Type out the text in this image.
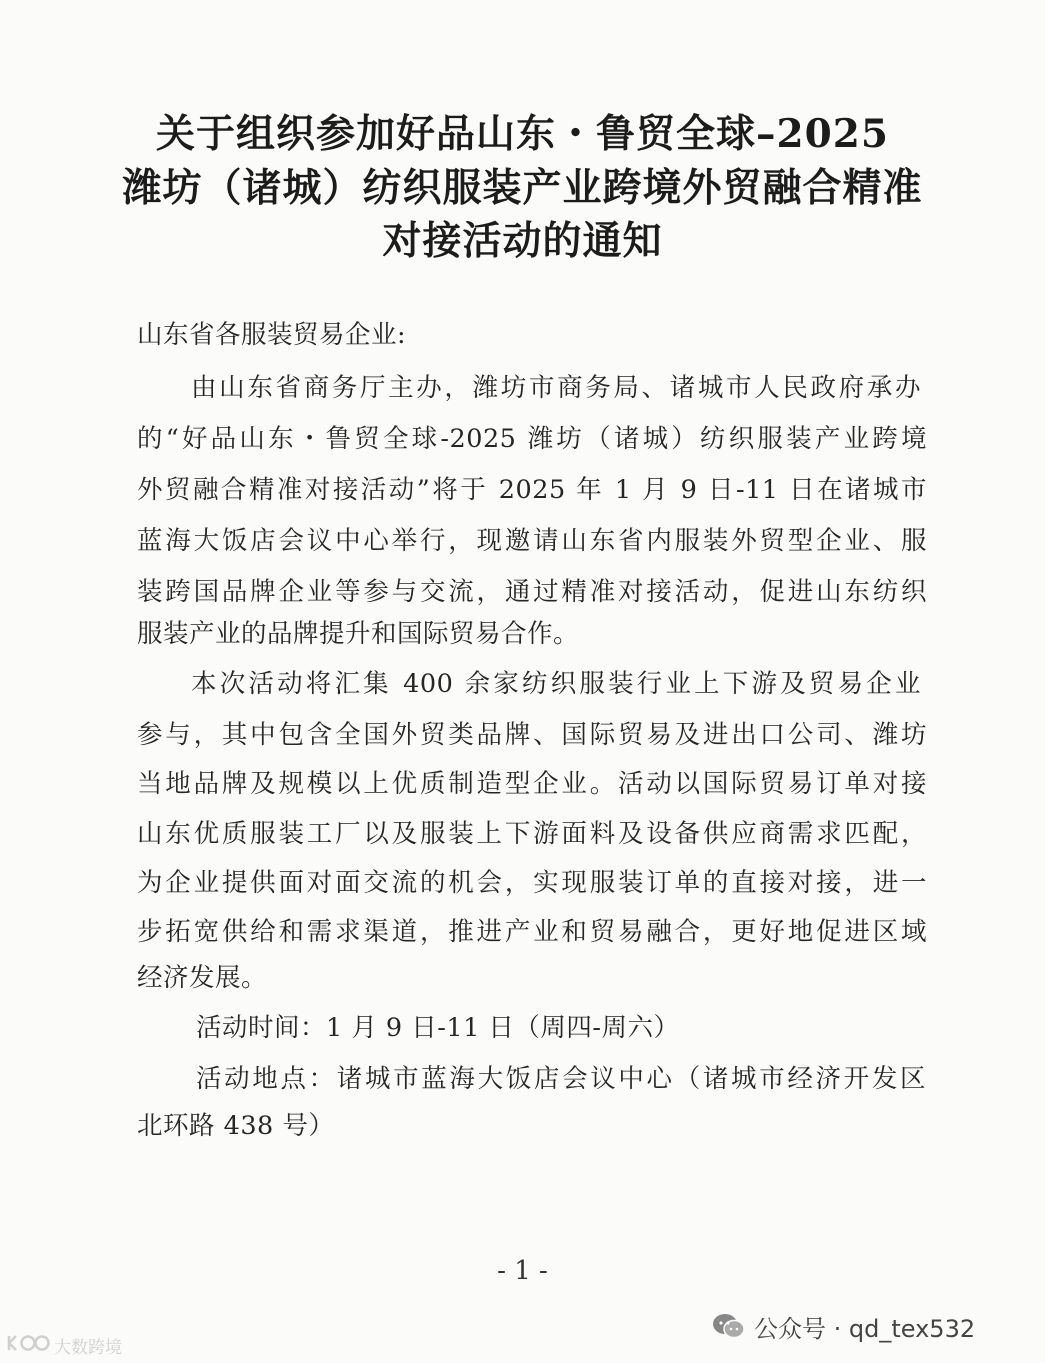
关于组织参加好品山东・鲁贸全球–2025
潍坊（诸城）纺织服装产业跨境外贸融合精准
对接活动的通知
山东省各服装贸易企业:
由山东省商务厅主办，潍坊市商务局、诸城市人民政府承办
的“好品山东・鲁贸全球-2025 潍坊（诸城）纺织服装产业跨境
外贸融合精准对接活动”将于 2025 年 1 月 9 日-11 日在诸城市
蓝海大饭店会议中心举行，现邀请山东省内服装外贸型企业、服
装跨国品牌企业等参与交流，通过精准对接活动，促进山东纺织
服装产业的品牌提升和国际贸易合作。
本次活动将汇集 400 余家纺织服装行业上下游及贸易企业
参与，其中包含全国外贸类品牌、国际贸易及进出口公司、潍坊
当地品牌及规模以上优质制造型企业。活动以国际贸易订单对接
山东优质服装工厂以及服装上下游面料及设备供应商需求匹配，
为企业提供面对面交流的机会，实现服装订单的直接对接，进一
步拓宽供给和需求渠道，推进产业和贸易融合，更好地促进区域
经济发展。
活动时间：1 月 9 日-11 日（周四-周六）
活动地点：诸城市蓝海大饭店会议中心（诸城市经济开发区
北环路 438 号）
- 1 -
公众号 · qd_tex532
大数跨境
